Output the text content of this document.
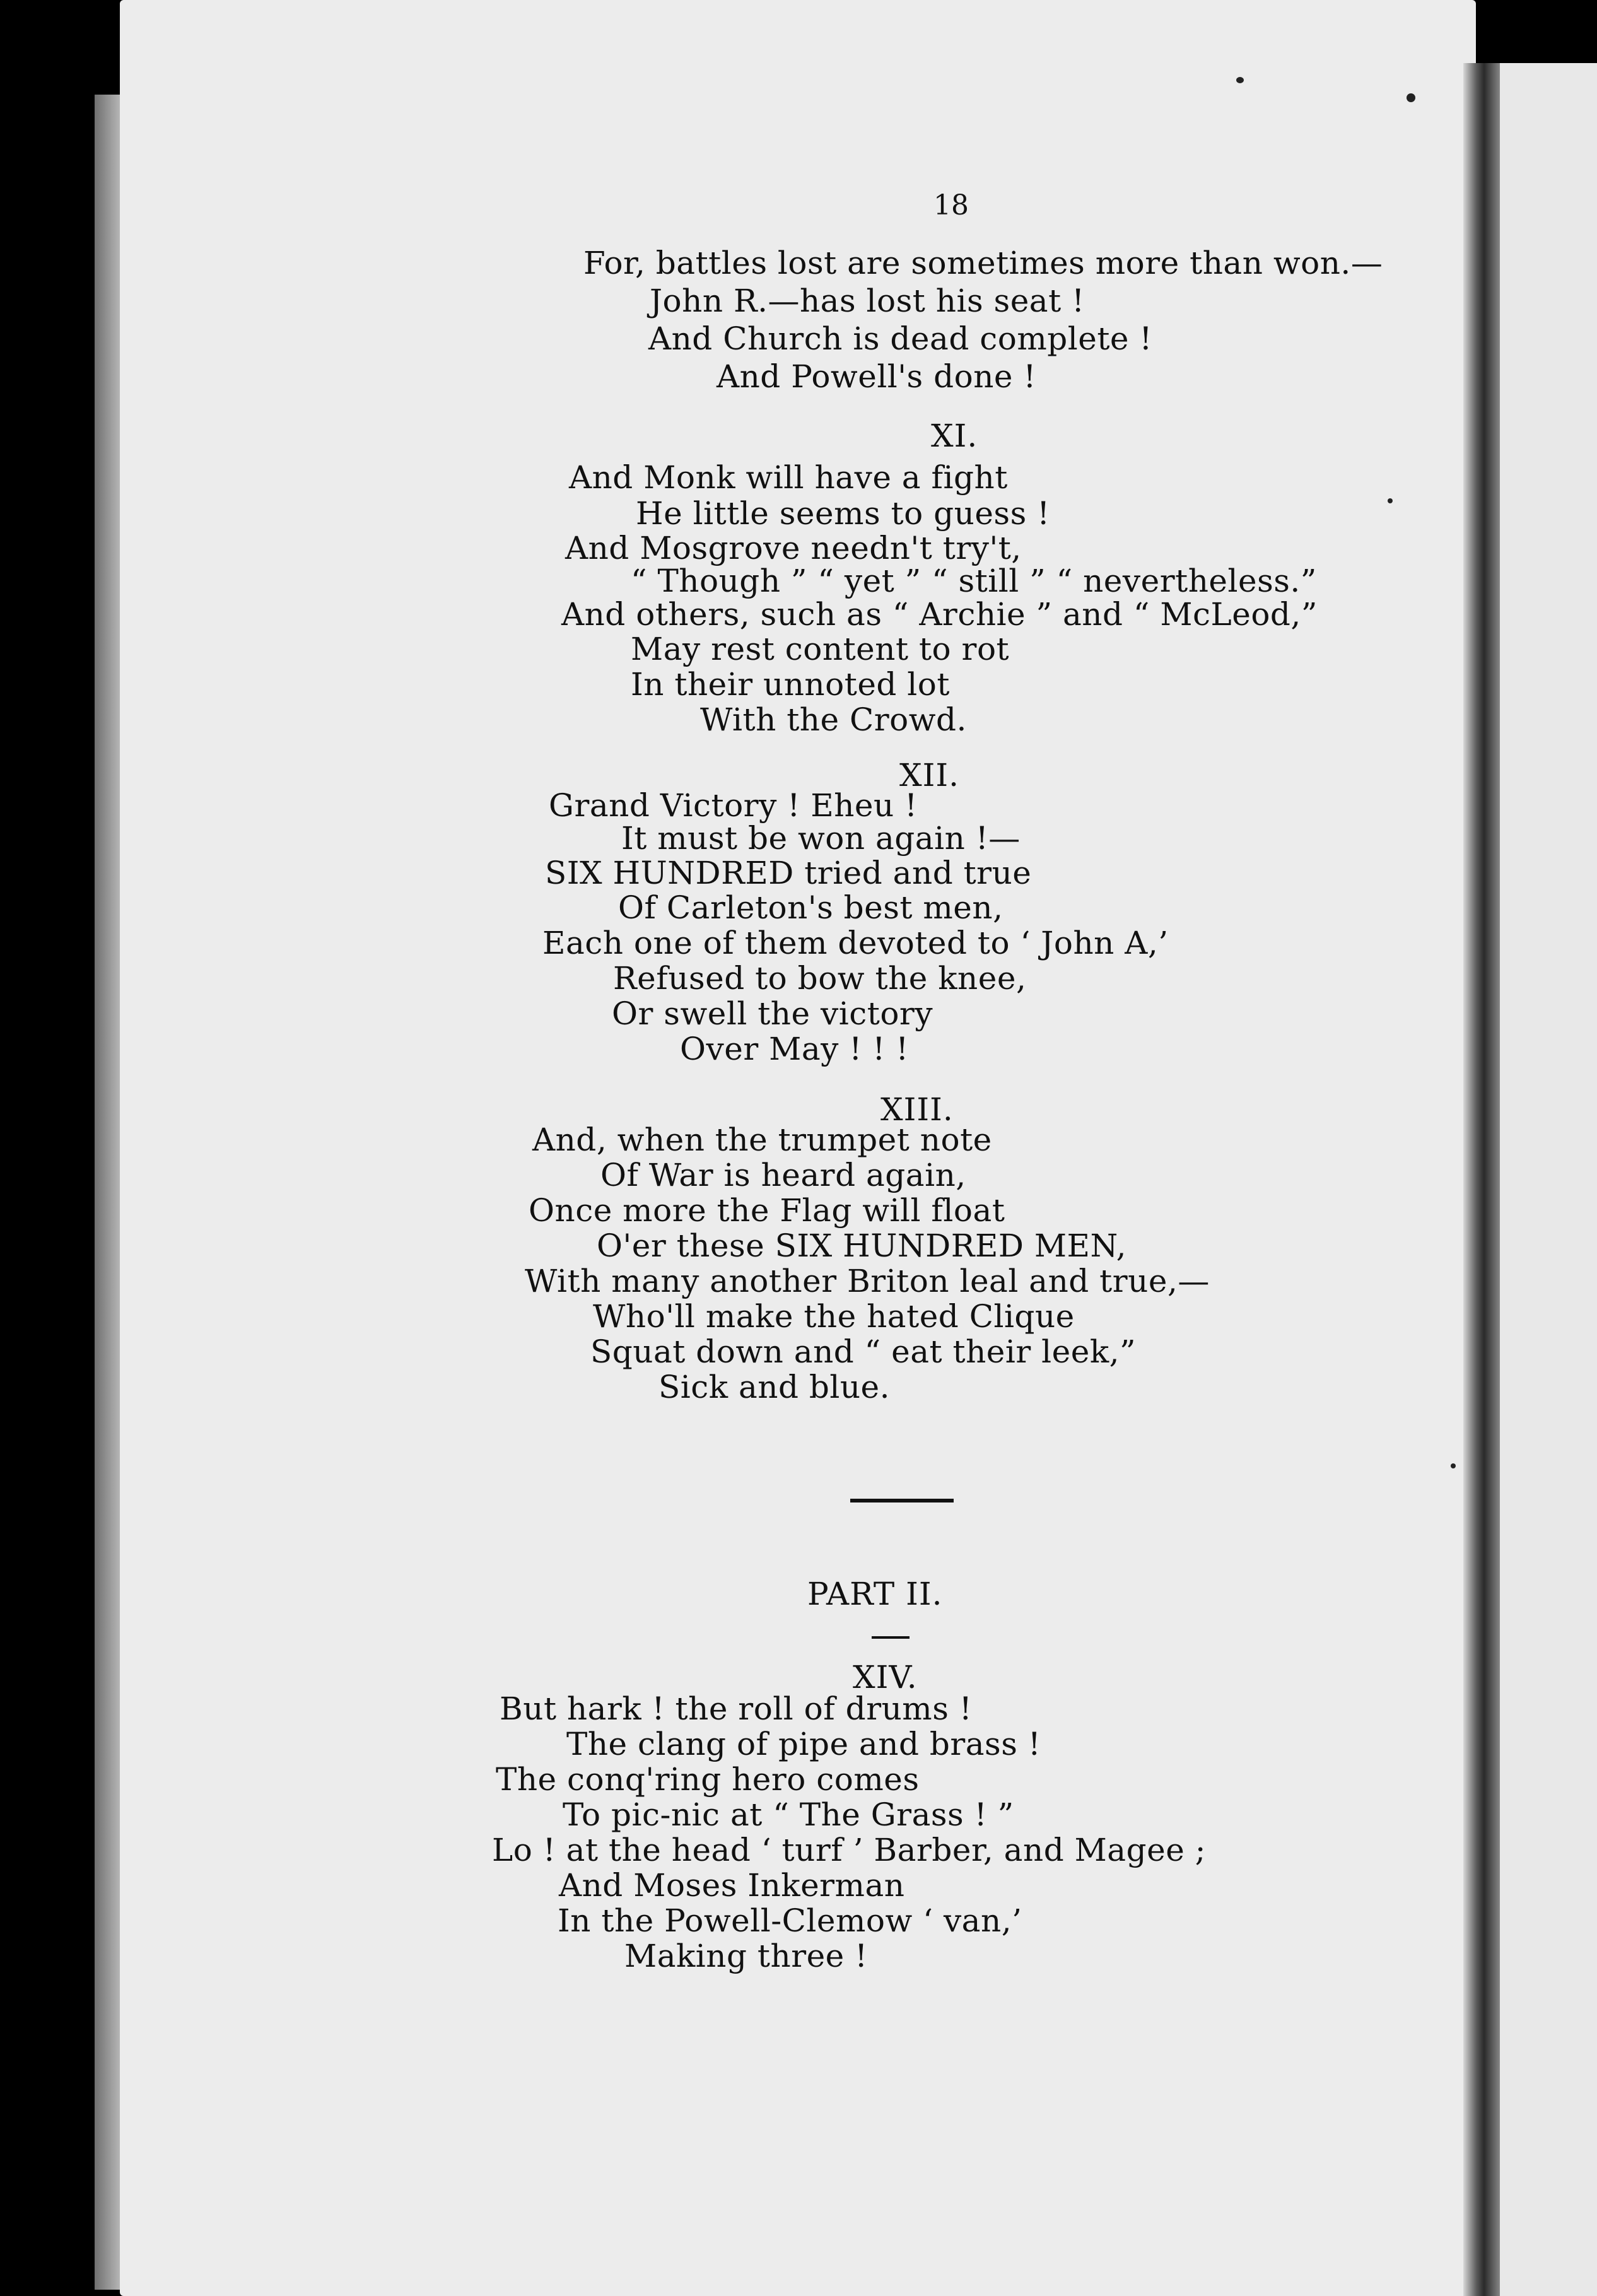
18
For, battles lost are sometimes more than won.—
John R.—has lost his seat !
And Church is dead complete !
And Powell's done !
XI.
And Monk will have a fight
He little seems to guess !
And Mosgrove needn't try't,
“ Though ” “ yet ” “ still ” “ nevertheless.”
And others, such as “ Archie ” and “ McLeod,”
May rest content to rot
In their unnoted lot
With the Crowd.
XII.
Grand Victory ! Eheu !
It must be won again !—
SIX HUNDRED tried and true
Of Carleton's best men,
Each one of them devoted to ‘ John A,’
Refused to bow the knee,
Or swell the victory
Over May ! ! !
XIII.
And, when the trumpet note
Of War is heard again,
Once more the Flag will float
O'er these SIX HUNDRED MEN,
With many another Briton leal and true,—
Who'll make the hated Clique
Squat down and “ eat their leek,”
Sick and blue.
PART II.
XIV.
But hark ! the roll of drums !
The clang of pipe and brass !
The conq'ring hero comes
To pic-nic at “ The Grass ! ”
Lo ! at the head ‘ turf ’ Barber, and Magee ;
And Moses Inkerman
In the Powell-Clemow ‘ van,’
Making three !
